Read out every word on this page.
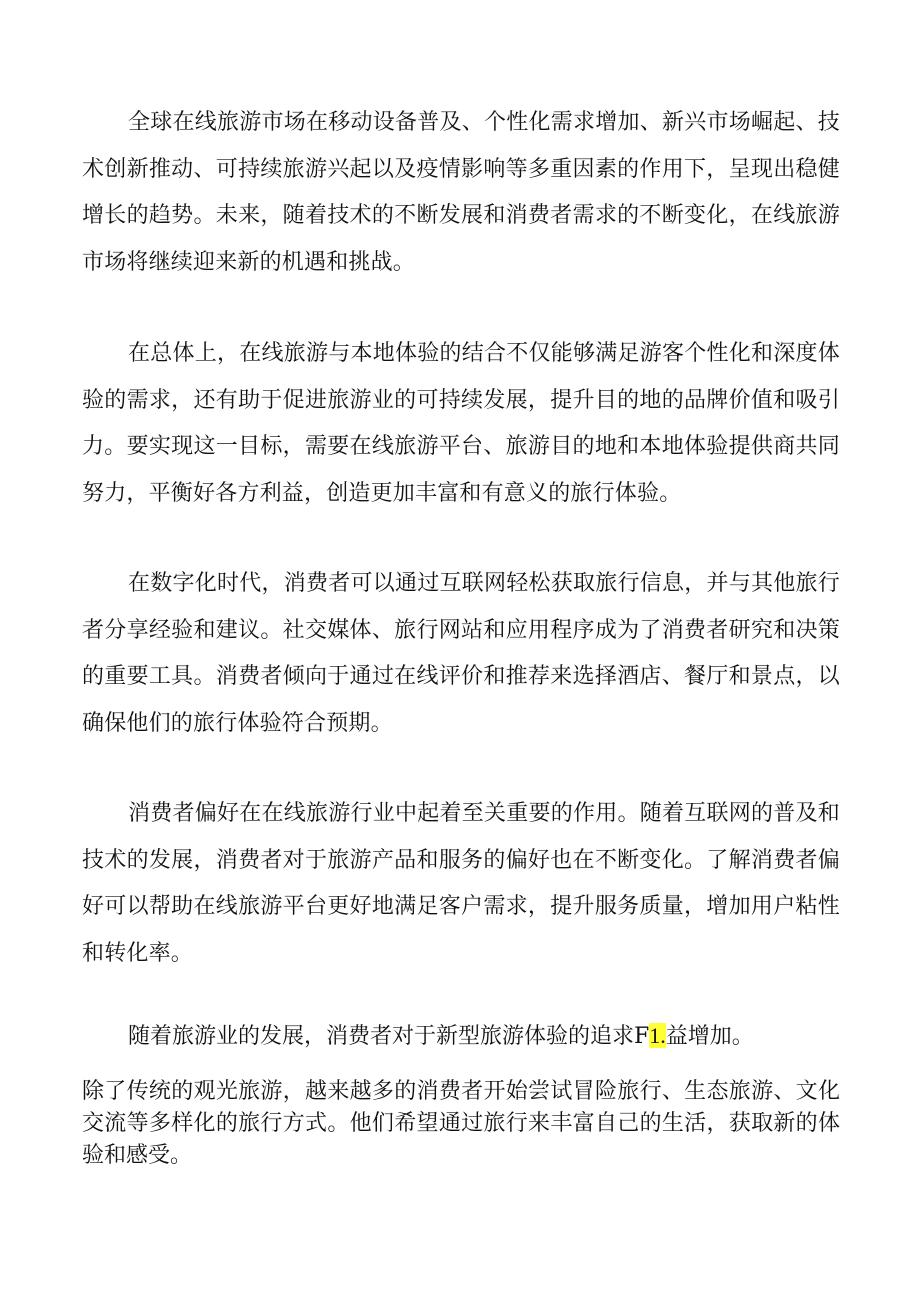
全球在线旅游市场在移动设备普及、个性化需求增加、新兴市场崛起、技术创新推动、可持续旅游兴起以及疫情影响等多重因素的作用下，呈现出稳健增长的趋势。未来，随着技术的不断发展和消费者需求的不断变化，在线旅游市场将继续迎来新的机遇和挑战。

在总体上，在线旅游与本地体验的结合不仅能够满足游客个性化和深度体验的需求，还有助于促进旅游业的可持续发展，提升目的地的品牌价值和吸引力。要实现这一目标，需要在线旅游平台、旅游目的地和本地体验提供商共同努力，平衡好各方利益，创造更加丰富和有意义的旅行体验。

在数字化时代，消费者可以通过互联网轻松获取旅行信息，并与其他旅行者分享经验和建议。社交媒体、旅行网站和应用程序成为了消费者研究和决策的重要工具。消费者倾向于通过在线评价和推荐来选择酒店、餐厅和景点，以确保他们的旅行体验符合预期。

消费者偏好在在线旅游行业中起着至关重要的作用。随着互联网的普及和技术的发展，消费者对于旅游产品和服务的偏好也在不断变化。了解消费者偏好可以帮助在线旅游平台更好地满足客户需求，提升服务质量，增加用户粘性和转化率。

随着旅游业的发展，消费者对于新型旅游体验的追求F1.益增加。

除了传统的观光旅游，越来越多的消费者开始尝试冒险旅行、生态旅游、文化交流等多样化的旅行方式。他们希望通过旅行来丰富自己的生活，获取新的体验和感受。
